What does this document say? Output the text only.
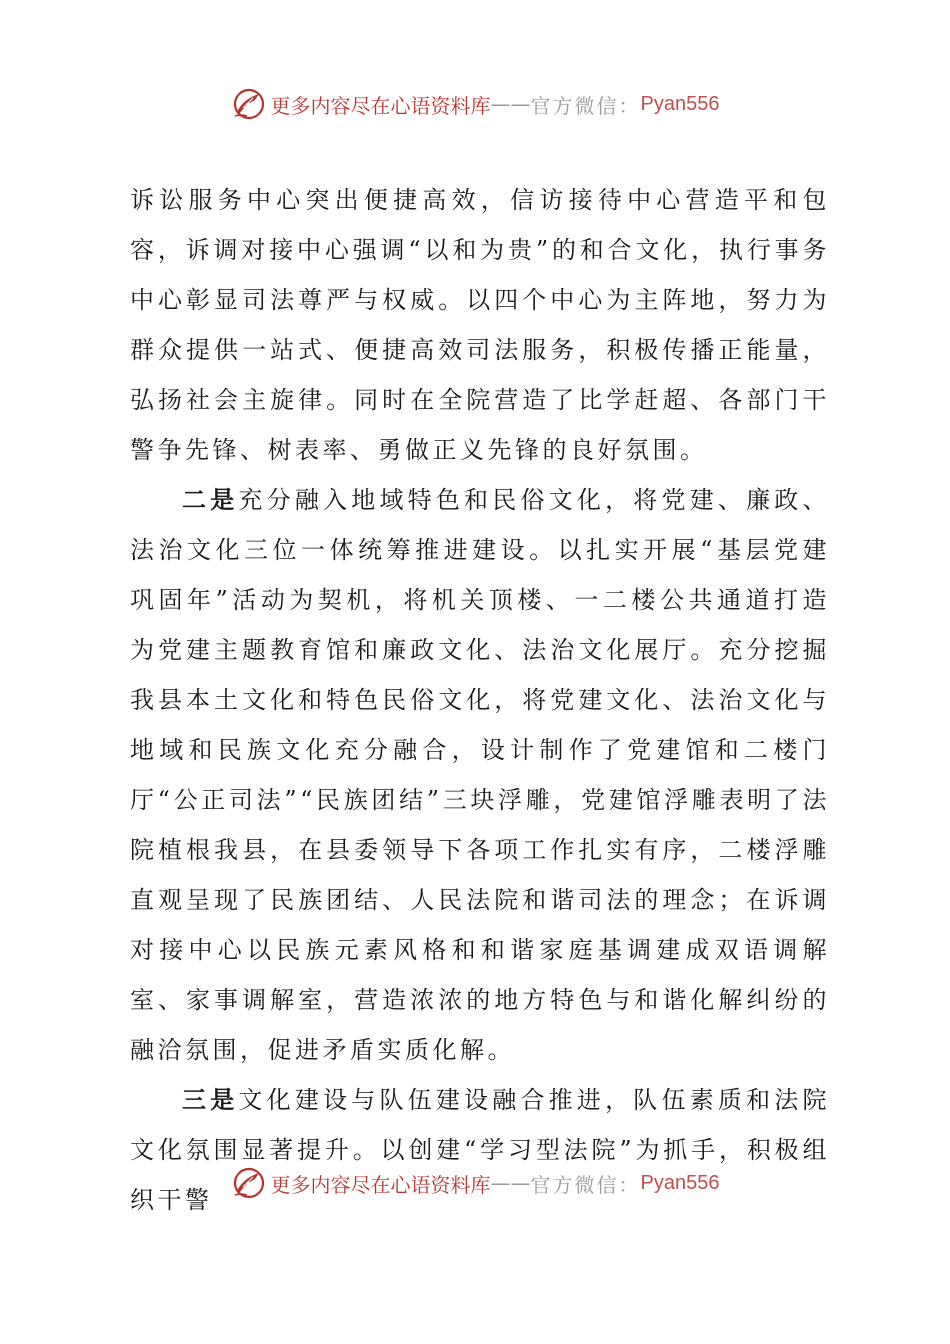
更多内容尽在心语资料库 —— 官方微信： Pyan556

诉讼服务中心突出便捷高效，信访接待中心营造平和包容，诉调对接中心强调“以和为贵”的和合文化，执行事务中心彰显司法尊严与权威。以四个中心为主阵地，努力为群众提供一站式、便捷高效司法服务，积极传播正能量，弘扬社会主旋律。同时在全院营造了比学赶超、各部门干警争先锋、树表率、勇做正义先锋的良好氛围。

二是充分融入地域特色和民俗文化，将党建、廉政、法治文化三位一体统筹推进建设。以扎实开展“基层党建巩固年”活动为契机，将机关顶楼、一二楼公共通道打造为党建主题教育馆和廉政文化、法治文化展厅。充分挖掘我县本土文化和特色民俗文化，将党建文化、法治文化与地域和民族文化充分融合，设计制作了党建馆和二楼门厅“公正司法”“民族团结”三块浮雕，党建馆浮雕表明了法院植根我县，在县委领导下各项工作扎实有序，二楼浮雕直观呈现了民族团结、人民法院和谐司法的理念；在诉调对接中心以民族元素风格和和谐家庭基调建成双语调解室、家事调解室，营造浓浓的地方特色与和谐化解纠纷的融洽氛围，促进矛盾实质化解。

三是文化建设与队伍建设融合推进，队伍素质和法院文化氛围显著提升。以创建“学习型法院”为抓手，积极组织干警

更多内容尽在心语资料库 —— 官方微信： Pyan556
